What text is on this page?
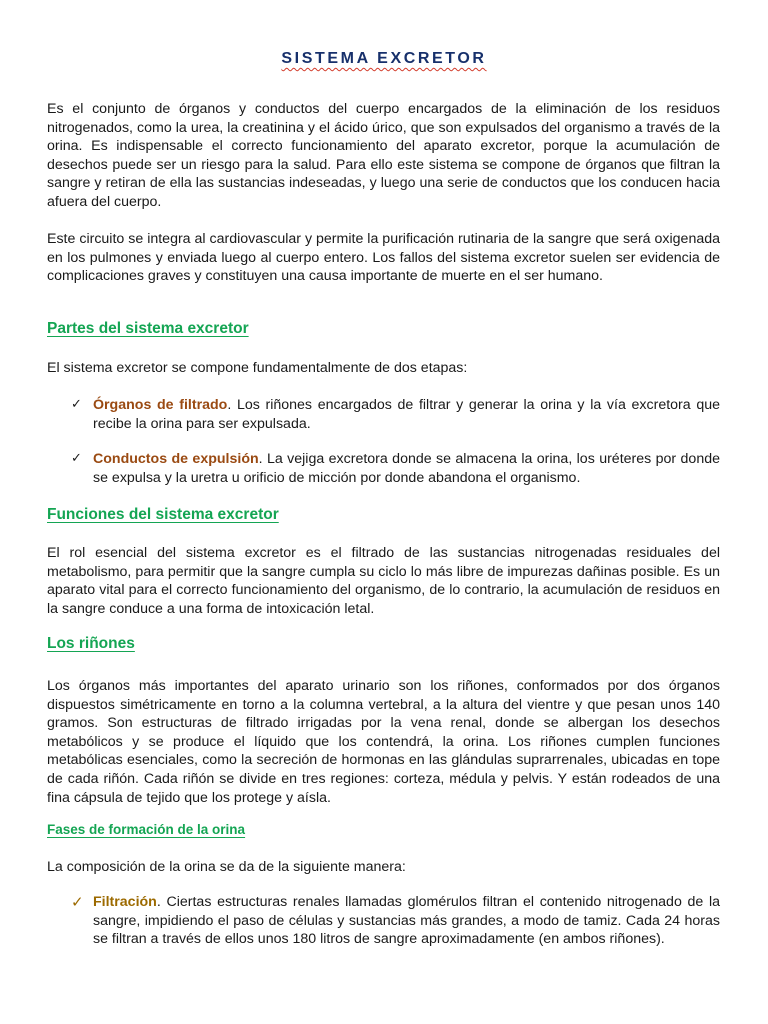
SISTEMA EXCRETOR

Es el conjunto de órganos y conductos del cuerpo encargados de la eliminación de los residuos nitrogenados, como la urea, la creatinina y el ácido úrico, que son expulsados del organismo a través de la orina. Es indispensable el correcto funcionamiento del aparato excretor, porque la acumulación de desechos puede ser un riesgo para la salud. Para ello este sistema se compone de órganos que filtran la sangre y retiran de ella las sustancias indeseadas, y luego una serie de conductos que los conducen hacia afuera del cuerpo.

Este circuito se integra al cardiovascular y permite la purificación rutinaria de la sangre que será oxigenada en los pulmones y enviada luego al cuerpo entero. Los fallos del sistema excretor suelen ser evidencia de complicaciones graves y constituyen una causa importante de muerte en el ser humano.

Partes del sistema excretor

El sistema excretor se compone fundamentalmente de dos etapas:

✓ Órganos de filtrado. Los riñones encargados de filtrar y generar la orina y la vía excretora que recibe la orina para ser expulsada.

✓ Conductos de expulsión. La vejiga excretora donde se almacena la orina, los uréteres por donde se expulsa y la uretra u orificio de micción por donde abandona el organismo.

Funciones del sistema excretor

El rol esencial del sistema excretor es el filtrado de las sustancias nitrogenadas residuales del metabolismo, para permitir que la sangre cumpla su ciclo lo más libre de impurezas dañinas posible. Es un aparato vital para el correcto funcionamiento del organismo, de lo contrario, la acumulación de residuos en la sangre conduce a una forma de intoxicación letal.

Los riñones

Los órganos más importantes del aparato urinario son los riñones, conformados por dos órganos dispuestos simétricamente en torno a la columna vertebral, a la altura del vientre y que pesan unos 140 gramos. Son estructuras de filtrado irrigadas por la vena renal, donde se albergan los desechos metabólicos y se produce el líquido que los contendrá, la orina. Los riñones cumplen funciones metabólicas esenciales, como la secreción de hormonas en las glándulas suprarrenales, ubicadas en tope de cada riñón. Cada riñón se divide en tres regiones: corteza, médula y pelvis. Y están rodeados de una fina cápsula de tejido que los protege y aísla.

Fases de formación de la orina

La composición de la orina se da de la siguiente manera:

✓ Filtración. Ciertas estructuras renales llamadas glomérulos filtran el contenido nitrogenado de la sangre, impidiendo el paso de células y sustancias más grandes, a modo de tamiz. Cada 24 horas se filtran a través de ellos unos 180 litros de sangre aproximadamente (en ambos riñones).
